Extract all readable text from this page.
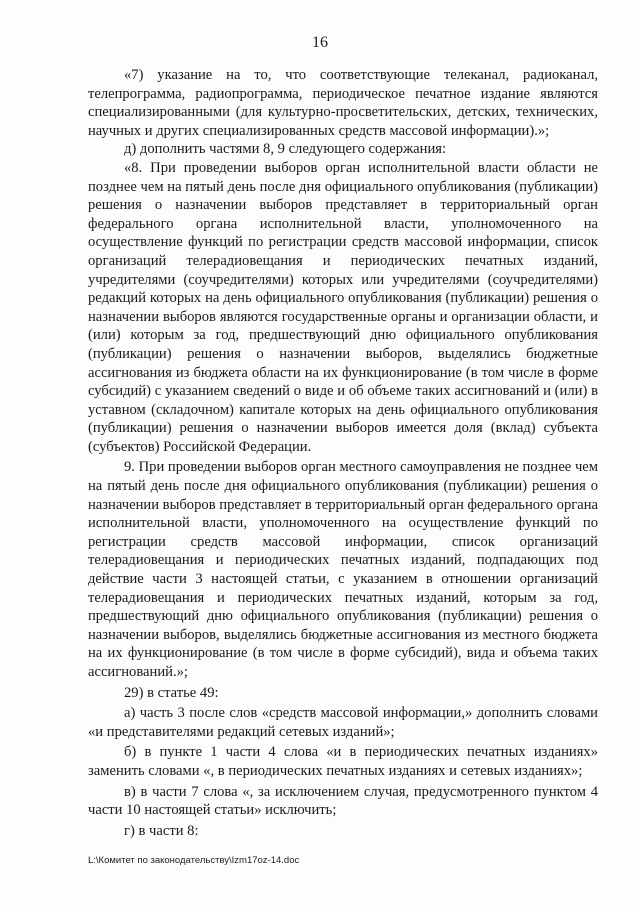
16

«7) указание на то, что соответствующие телеканал, радиоканал, телепрограмма, радиопрограмма, периодическое печатное издание являются специализированными (для культурно-просветительских, детских, технических, научных и других специализированных средств массовой информации).»;

д) дополнить частями 8, 9 следующего содержания:

«8. При проведении выборов орган исполнительной власти области не позднее чем на пятый день после дня официального опубликования (публикации) решения о назначении выборов представляет в территориальный орган федерального органа исполнительной власти, уполномоченного на осуществление функций по регистрации средств массовой информации, список организаций телерадиовещания и периодических печатных изданий, учредителями (соучредителями) которых или учредителями (соучредителями) редакций которых на день официального опубликования (публикации) решения о назначении выборов являются государственные органы и организации области, и (или) которым за год, предшествующий дню официального опубликования (публикации) решения о назначении выборов, выделялись бюджетные ассигнования из бюджета области на их функционирование (в том числе в форме субсидий) с указанием сведений о виде и об объеме таких ассигнований и (или) в уставном (складочном) капитале которых на день официального опубликования (публикации) решения о назначении выборов имеется доля (вклад) субъекта (субъектов) Российской Федерации.

9. При проведении выборов орган местного самоуправления не позднее чем на пятый день после дня официального опубликования (публикации) решения о назначении выборов представляет в территориальный орган федерального органа исполнительной власти, уполномоченного на осуществление функций по регистрации средств массовой информации, список организаций телерадиовещания и периодических печатных изданий, подпадающих под действие части 3 настоящей статьи, с указанием в отношении организаций телерадиовещания и периодических печатных изданий, которым за год, предшествующий дню официального опубликования (публикации) решения о назначении выборов, выделялись бюджетные ассигнования из местного бюджета на их функционирование (в том числе в форме субсидий), вида и объема таких ассигнований.»;

29) в статье 49:

а) часть 3 после слов «средств массовой информации,» дополнить словами «и представителями редакций сетевых изданий»;

б) в пункте 1 части 4 слова «и в периодических печатных изданиях» заменить словами «, в периодических печатных изданиях и сетевых изданиях»;

в) в части 7 слова «, за исключением случая, предусмотренного пунктом 4 части 10 настоящей статьи» исключить;

г) в части 8:

L:\Комитет по законодательству\Izm17oz-14.doc
